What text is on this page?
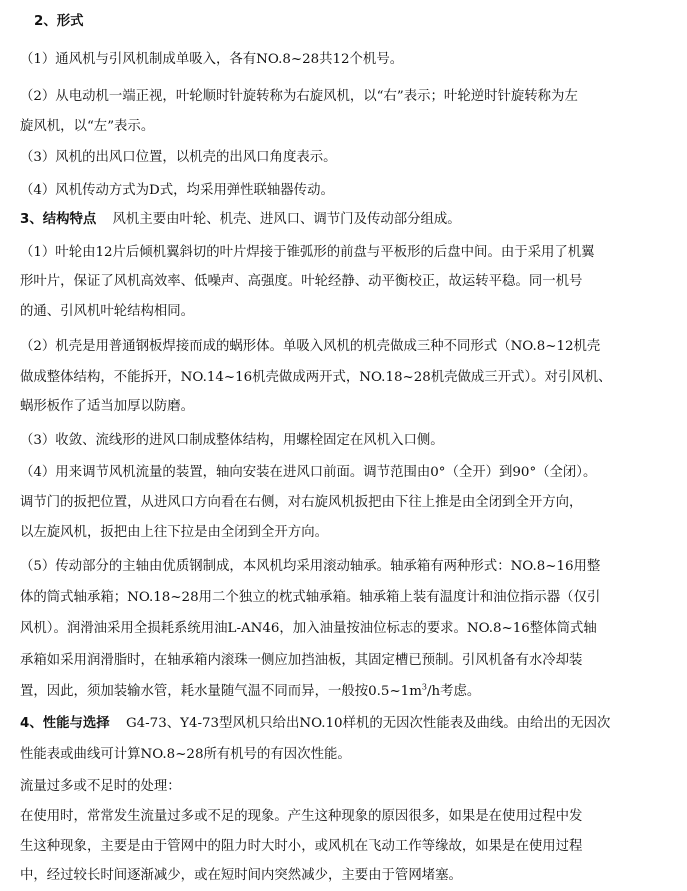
2、形式
（1）通风机与引风机制成单吸入，各有NO.8~28共12个机号。
（2）从电动机一端正视，叶轮顺时针旋转称为右旋风机，以“右”表示；叶轮逆时针旋转称为左
旋风机，以“左”表示。
（3）风机的出风口位置，以机壳的出风口角度表示。
（4）风机传动方式为D式，均采用弹性联轴器传动。
3、结构特点 风机主要由叶轮、机壳、进风口、调节门及传动部分组成。
（1）叶轮由12片后倾机翼斜切的叶片焊接于锥弧形的前盘与平板形的后盘中间。由于采用了机翼
形叶片，保证了风机高效率、低噪声、高强度。叶轮经静、动平衡校正，故运转平稳。同一机号
的通、引风机叶轮结构相同。
（2）机壳是用普通钢板焊接而成的蜗形体。单吸入风机的机壳做成三种不同形式（NO.8~12机壳
做成整体结构，不能拆开，NO.14~16机壳做成两开式，NO.18~28机壳做成三开式）。对引风机、
蜗形板作了适当加厚以防磨。
（3）收敛、流线形的进风口制成整体结构，用螺栓固定在风机入口侧。
（4）用来调节风机流量的装置，轴向安装在进风口前面。调节范围由0°（全开）到90°（全闭）。
调节门的扳把位置，从进风口方向看在右侧，对右旋风机扳把由下往上推是由全闭到全开方向，
以左旋风机，扳把由上往下拉是由全闭到全开方向。
（5）传动部分的主轴由优质钢制成，本风机均采用滚动轴承。轴承箱有两种形式：NO.8~16用整
体的筒式轴承箱；NO.18~28用二个独立的枕式轴承箱。轴承箱上装有温度计和油位指示器（仅引
风机）。润滑油采用全损耗系统用油L-AN46，加入油量按油位标志的要求。NO.8~16整体筒式轴
承箱如采用润滑脂时，在轴承箱内滚珠一侧应加挡油板，其固定槽已预制。引风机备有水冷却装
置，因此，须加装输水管，耗水量随气温不同而异，一般按$0.5\sim 1m^3/h$考虑。
4、性能与选择 G4-73、Y4-73型风机只给出NO.10样机的无因次性能表及曲线。由给出的无因次
性能表或曲线可计算NO.8~28所有机号的有因次性能。
流量过多或不足时的处理：
在使用时，常常发生流量过多或不足的现象。产生这种现象的原因很多，如果是在使用过程中发
生这种现象，主要是由于管网中的阻力时大时小，或风机在飞动工作等缘故，如果是在使用过程
中，经过较长时间逐渐减少，或在短时间内突然减少，主要由于管网堵塞。
